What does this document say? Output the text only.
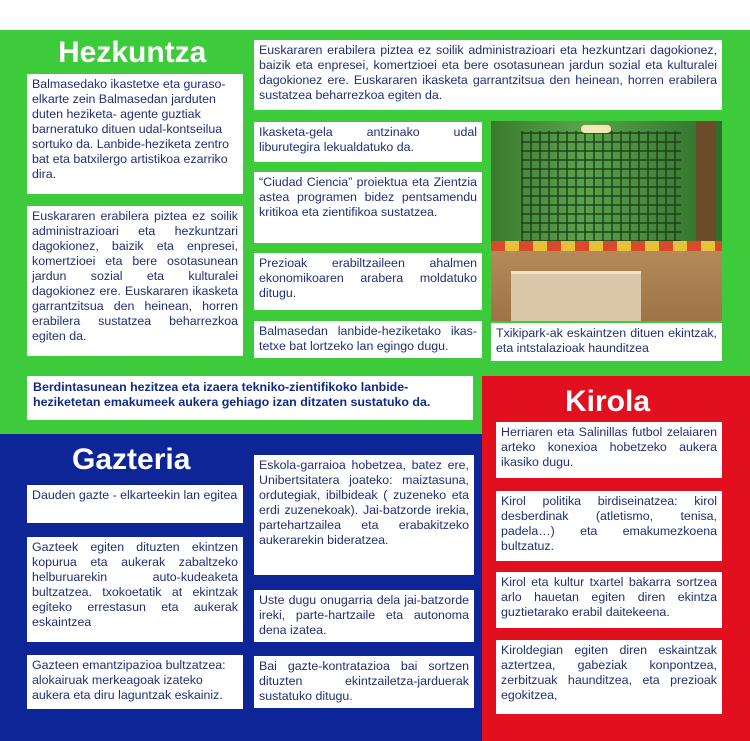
Hezkuntza
Gazteria
Kirola
Balmasedako ikastetxe eta guraso-elkarte zein Balmasedan jarduten duten heziketa- agente guztiak barneratuko dituen udal-kontseilua sortuko da. Lanbide-heziketa zentro bat eta batxilergo artistikoa ezarriko dira.
Euskararen erabilera piztea ez soilik administrazioari eta hezkuntzari dagokionez, baizik eta enpresei, komertzioei eta bere osotasunean jardun sozial eta kulturalei dagokionez ere. Euskararen ikasketa garrantzitsua den heinean, horren erabilera sustatzea beharrezkoa egiten da.
Euskararen erabilera piztea ez soilik administrazioari eta hezkuntzari dagokionez, baizik eta enpresei, komertzioei eta bere osotasunean jardun sozial eta kulturalei dagokionez ere. Euskararen ikasketa garrantzitsua den heinean, horren erabilera sustatzea beharrezkoa egiten da.
Ikasketa-gela antzinako udal liburutegira lekualdatuko da.
“Ciudad Ciencia” proiektua eta Zientzia astea programen bidez pentsamendu kritikoa eta zientifikoa sustatzea.
Prezioak erabiltzaileen ahalmen ekonomikoaren arabera moldatuko ditugu.
Balmasedan lanbide-heziketako ikas-tetxe bat lortzeko lan egingo dugu.
Txikipark-ak eskaintzen dituen ekintzak, eta intstalazioak haunditzea
Berdintasunean hezitzea eta izaera tekniko-zientifikoko lanbide-heziketetan emakumeek aukera gehiago izan ditzaten sustatuko da.
Dauden gazte - elkarteekin lan egitea
Gazteek egiten dituzten ekintzen kopurua eta aukerak zabaltzeko helburuarekin auto-kudeaketa bultzatzea. txokoetatik at ekintzak egiteko errestasun eta aukerak eskaintzea
Gazteen emantzipazioa bultzatzea: alokairuak merkeagoak izateko aukera eta diru laguntzak eskainiz.
Eskola-garraioa hobetzea, batez ere, Unibertsitatera joateko: maiztasuna, ordutegiak, ibilbideak ( zuzeneko eta erdi zuzenekoak). Jai-batzorde irekia, partehartzailea eta erabakitzeko aukerarekin bideratzea.
Uste dugu onugarria dela jai-batzorde ireki, parte-hartzaile eta autonoma dena izatea.
Bai gazte-kontratazioa bai sortzen dituzten ekintzailetza-jarduerak sustatuko ditugu.
Herriaren eta Salinillas futbol zelaiaren arteko konexioa hobetzeko aukera ikasiko dugu.
Kirol politika birdiseinatzea: kirol desberdinak (atletismo, tenisa, padela…) eta emakumezkoena bultzatuz.
Kirol eta kultur txartel bakarra sortzea arlo hauetan egiten diren ekintza guztietarako erabil daitekeena.
Kiroldegian egiten diren eskaintzak aztertzea, gabeziak konpontzea, zerbitzuak haunditzea, eta prezioak egokitzea,
